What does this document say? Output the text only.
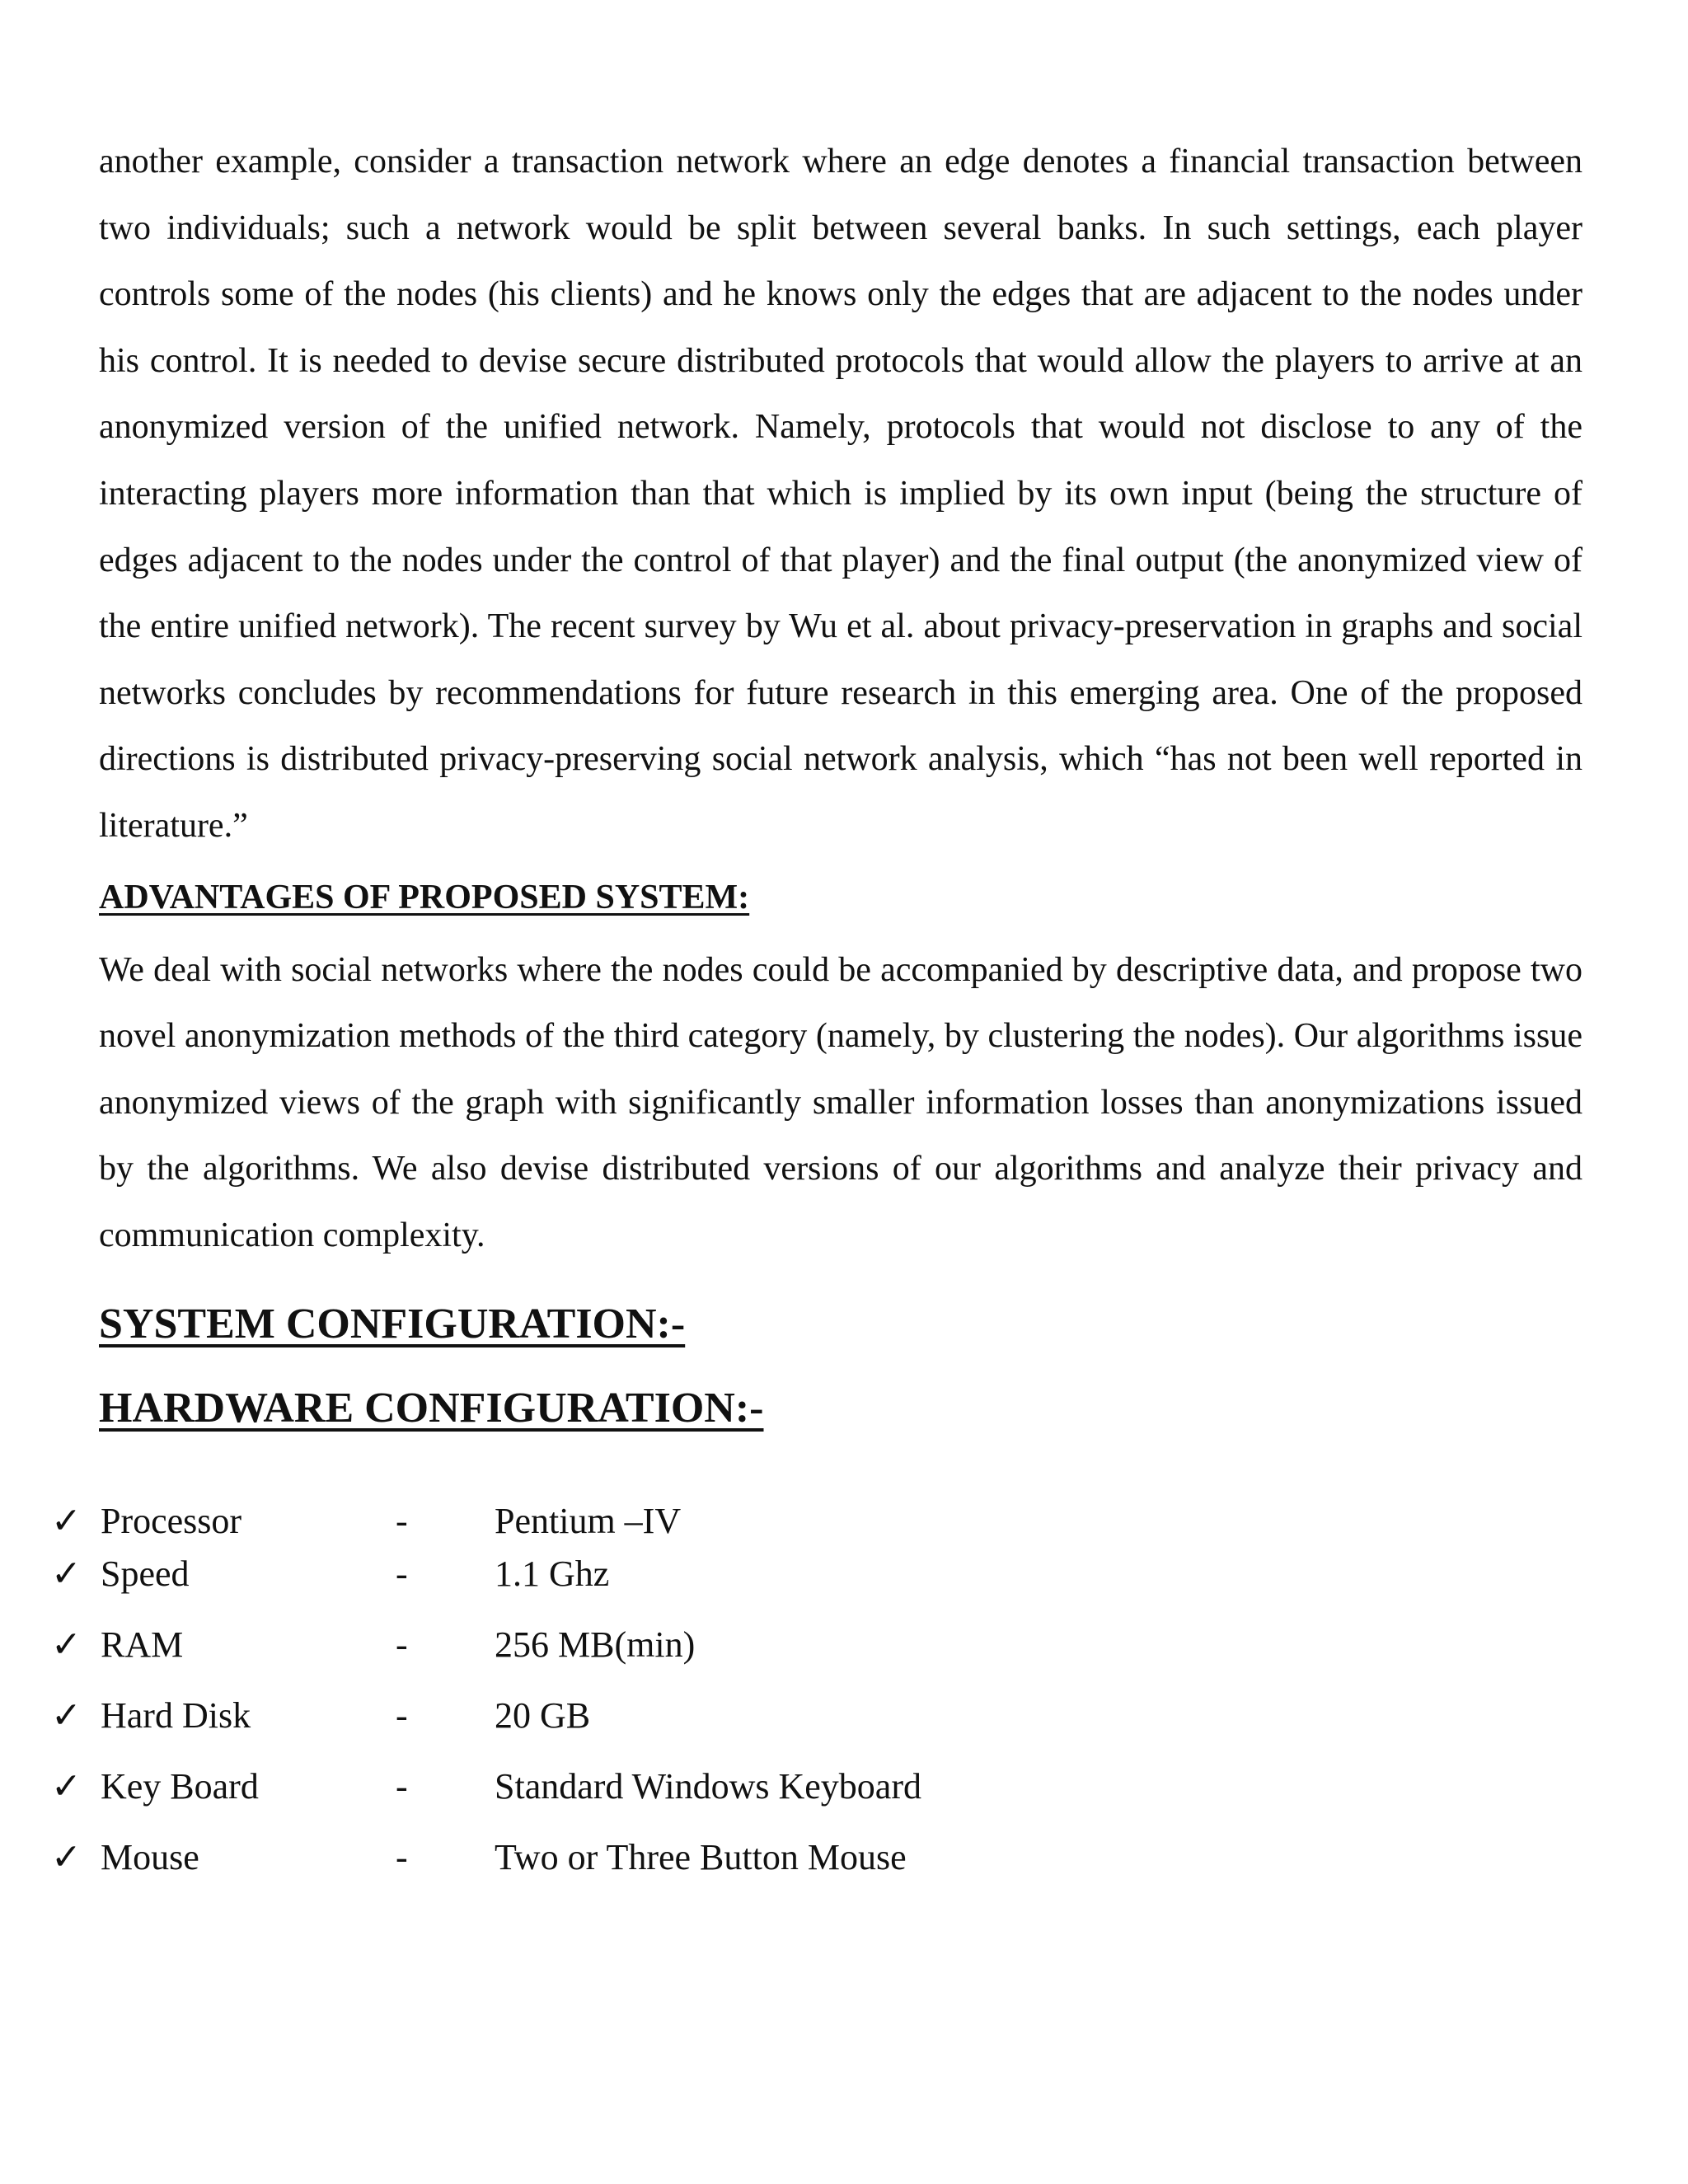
another example, consider a transaction network where an edge denotes a financial transaction between two individuals; such a network would be split between several banks. In such settings, each player controls some of the nodes (his clients) and he knows only the edges that are adjacent to the nodes under his control. It is needed to devise secure distributed protocols that would allow the players to arrive at an anonymized version of the unified network. Namely, protocols that would not disclose to any of the interacting players more information than that which is implied by its own input (being the structure of edges adjacent to the nodes under the control of that player) and the final output (the anonymized view of the entire unified network). The recent survey by Wu et al. about privacy-preservation in graphs and social networks concludes by recommendations for future research in this emerging area. One of the proposed directions is distributed privacy-preserving social network analysis, which “has not been well reported in literature.”

ADVANTAGES OF PROPOSED SYSTEM:

We deal with social networks where the nodes could be accompanied by descriptive data, and propose two novel anonymization methods of the third category (namely, by clustering the nodes). Our algorithms issue anonymized views of the graph with significantly smaller information losses than anonymizations issued by the algorithms. We also devise distributed versions of our algorithms and analyze their privacy and communication complexity.

SYSTEM CONFIGURATION:-
HARDWARE CONFIGURATION:-
✓ Processor	- Pentium –IV
✓ Speed	- 1.1 Ghz
✓ RAM	- 256 MB(min)
✓ Hard Disk	- 20 GB
✓ Key Board	- Standard Windows Keyboard
✓ Mouse	- Two or Three Button Mouse
